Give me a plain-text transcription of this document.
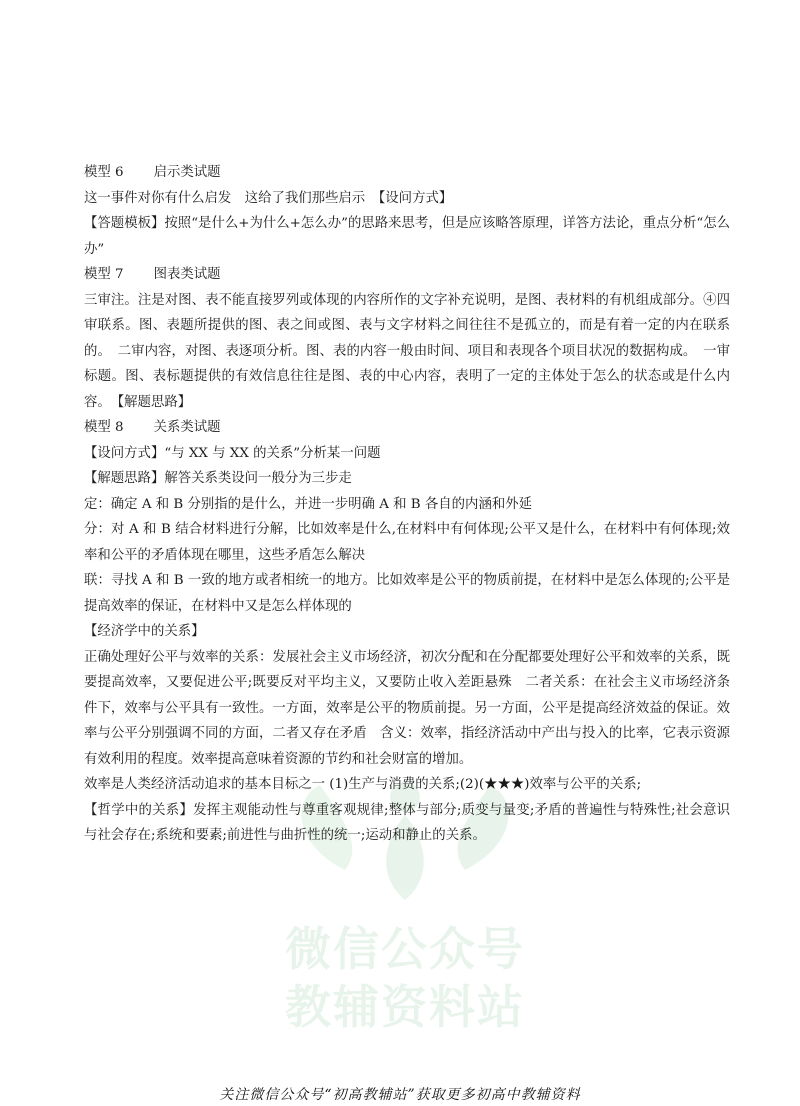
微信公众号
教辅资料站

模型 6 启示类试题

这一事件对你有什么启发　这给了我们那些启示　【设问方式】

【答题模板】按照“是什么+为什么+怎么办”的思路来思考，但是应该略答原理，详答方法论，重点分析“怎么办”

模型 7 图表类试题

三审注。注是对图、表不能直接罗列或体现的内容所作的文字补充说明，是图、表材料的有机组成部分。④四审联系。图、表题所提供的图、表之间或图、表与文字材料之间往往不是孤立的，而是有着一定的内在联系的。　二审内容，对图、表逐项分析。图、表的内容一般由时间、项目和表现各个项目状况的数据构成。　一审标题。图、表标题提供的有效信息往往是图、表的中心内容，表明了一定的主体处于怎么的状态或是什么内容。　【解题思路】

模型 8 关系类试题

【设问方式】“与 XX 与 XX 的关系”分析某一问题

【解题思路】解答关系类设问一般分为三步走

定：确定 A 和 B 分别指的是什么，并进一步明确 A 和 B 各自的内涵和外延

分：对 A 和 B 结合材料进行分解，比如效率是什么,在材料中有何体现;公平又是什么，在材料中有何体现;效率和公平的矛盾体现在哪里，这些矛盾怎么解决

联：寻找 A 和 B 一致的地方或者相统一的地方。比如效率是公平的物质前提，在材料中是怎么体现的;公平是提高效率的保证，在材料中又是怎么样体现的

【经济学中的关系】

正确处理好公平与效率的关系：发展社会主义市场经济，初次分配和在分配都要处理好公平和效率的关系，既要提高效率，又要促进公平;既要反对平均主义，又要防止收入差距悬殊　二者关系：在社会主义市场经济条件下，效率与公平具有一致性。一方面，效率是公平的物质前提。另一方面，公平是提高经济效益的保证。效率与公平分别强调不同的方面，二者又存在矛盾　含义：效率，指经济活动中产出与投入的比率，它表示资源有效利用的程度。效率提高意味着资源的节约和社会财富的增加。

效率是人类经济活动追求的基本目标之一 (1)生产与消费的关系;(2)(★★★)效率与公平的关系;

【哲学中的关系】发挥主观能动性与尊重客观规律;整体与部分;质变与量变;矛盾的普遍性与特殊性;社会意识与社会存在;系统和要素;前进性与曲折性的统一;运动和静止的关系。

关注微信公众号“初高教辅站”获取更多初高中教辅资料
